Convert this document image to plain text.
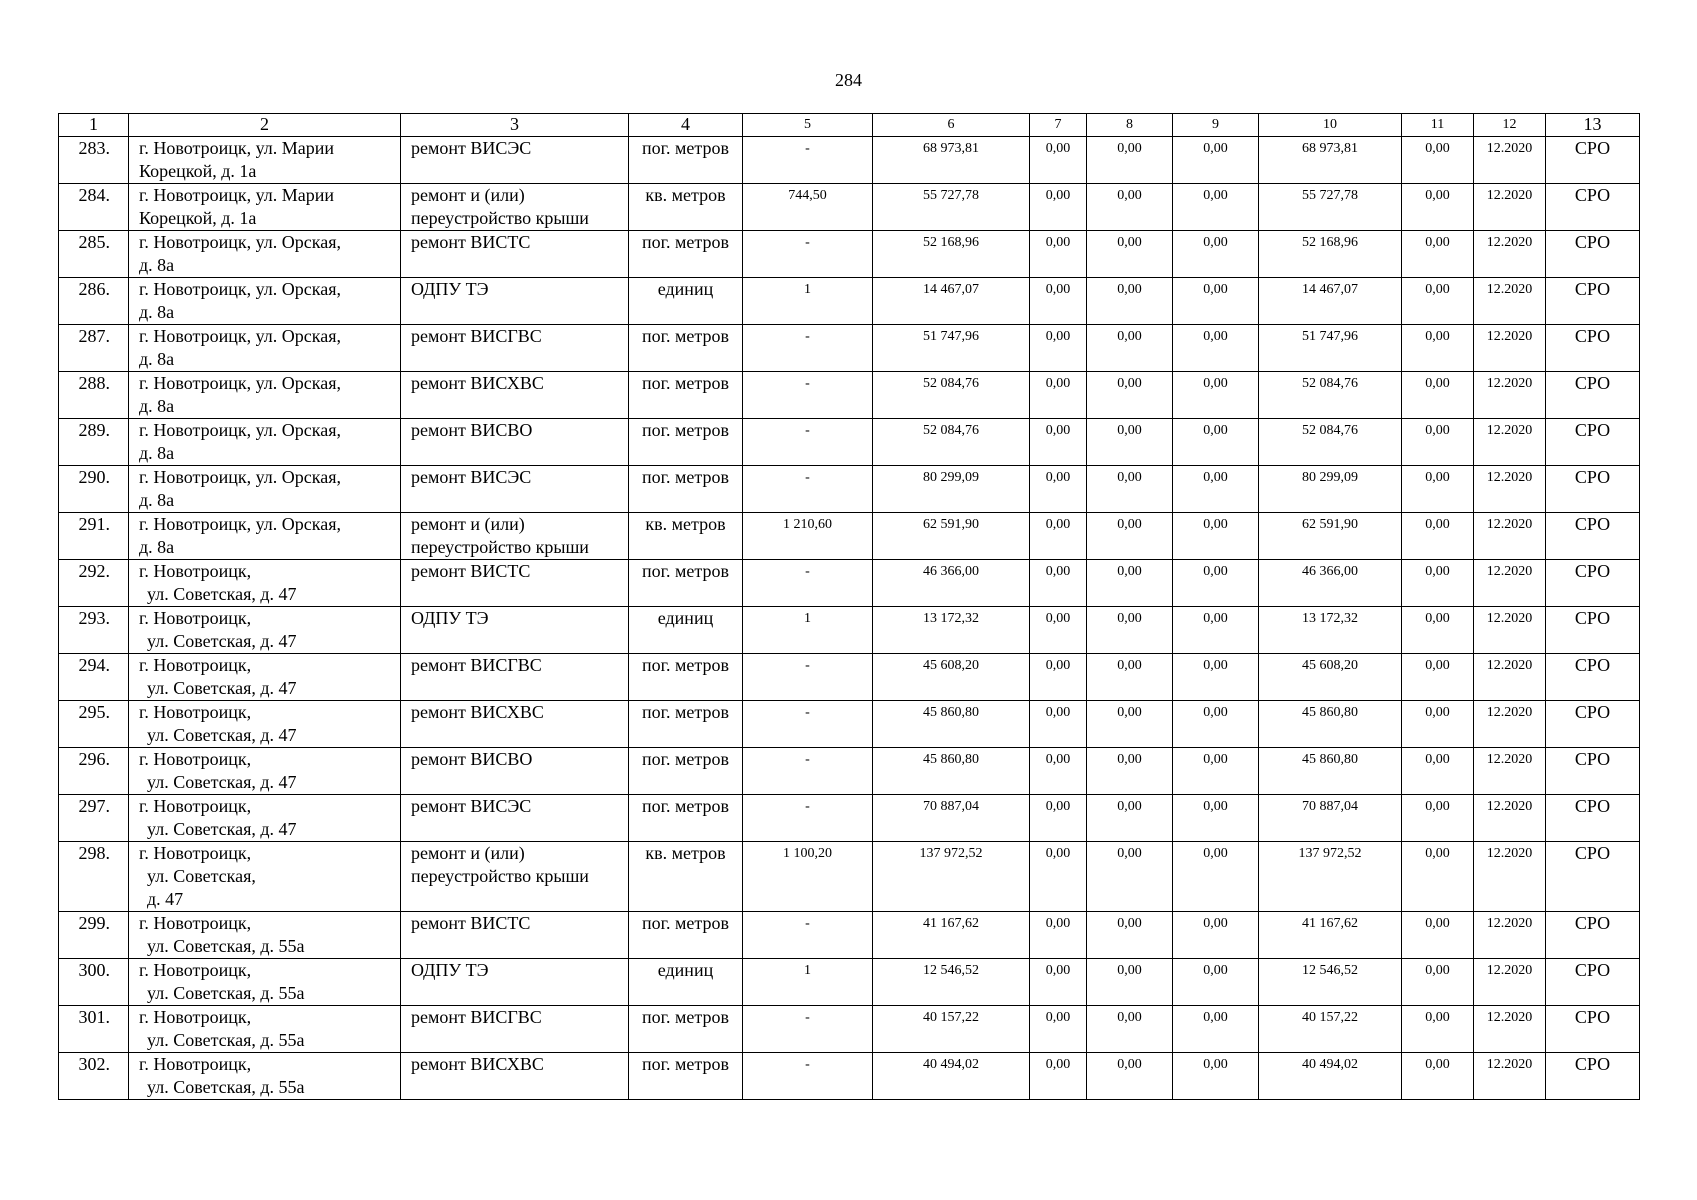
284
1	2	3	4	5	6	7	8	9	10	11	12	13
283.	г. Новотроицк, ул. Марии
Корецкой, д. 1а	ремонт ВИСЭС	пог. метров	-	68 973,81	0,00	0,00	0,00	68 973,81	0,00	12.2020	СРО
284.	г. Новотроицк, ул. Марии
Корецкой, д. 1а	ремонт и (или)
переустройство крыши	кв. метров	744,50	55 727,78	0,00	0,00	0,00	55 727,78	0,00	12.2020	СРО
285.	г. Новотроицк, ул. Орская,
д. 8а	ремонт ВИСТС	пог. метров	-	52 168,96	0,00	0,00	0,00	52 168,96	0,00	12.2020	СРО
286.	г. Новотроицк, ул. Орская,
д. 8а	ОДПУ ТЭ	единиц	1	14 467,07	0,00	0,00	0,00	14 467,07	0,00	12.2020	СРО
287.	г. Новотроицк, ул. Орская,
д. 8а	ремонт ВИСГВС	пог. метров	-	51 747,96	0,00	0,00	0,00	51 747,96	0,00	12.2020	СРО
288.	г. Новотроицк, ул. Орская,
д. 8а	ремонт ВИСХВС	пог. метров	-	52 084,76	0,00	0,00	0,00	52 084,76	0,00	12.2020	СРО
289.	г. Новотроицк, ул. Орская,
д. 8а	ремонт ВИСВО	пог. метров	-	52 084,76	0,00	0,00	0,00	52 084,76	0,00	12.2020	СРО
290.	г. Новотроицк, ул. Орская,
д. 8а	ремонт ВИСЭС	пог. метров	-	80 299,09	0,00	0,00	0,00	80 299,09	0,00	12.2020	СРО
291.	г. Новотроицк, ул. Орская,
д. 8а	ремонт и (или)
переустройство крыши	кв. метров	1 210,60	62 591,90	0,00	0,00	0,00	62 591,90	0,00	12.2020	СРО
292.	г. Новотроицк,
ул. Советская, д. 47	ремонт ВИСТС	пог. метров	-	46 366,00	0,00	0,00	0,00	46 366,00	0,00	12.2020	СРО
293.	г. Новотроицк,
ул. Советская, д. 47	ОДПУ ТЭ	единиц	1	13 172,32	0,00	0,00	0,00	13 172,32	0,00	12.2020	СРО
294.	г. Новотроицк,
ул. Советская, д. 47	ремонт ВИСГВС	пог. метров	-	45 608,20	0,00	0,00	0,00	45 608,20	0,00	12.2020	СРО
295.	г. Новотроицк,
ул. Советская, д. 47	ремонт ВИСХВС	пог. метров	-	45 860,80	0,00	0,00	0,00	45 860,80	0,00	12.2020	СРО
296.	г. Новотроицк,
ул. Советская, д. 47	ремонт ВИСВО	пог. метров	-	45 860,80	0,00	0,00	0,00	45 860,80	0,00	12.2020	СРО
297.	г. Новотроицк,
ул. Советская, д. 47	ремонт ВИСЭС	пог. метров	-	70 887,04	0,00	0,00	0,00	70 887,04	0,00	12.2020	СРО
298.	г. Новотроицк,
ул. Советская,
д. 47	ремонт и (или)
переустройство крыши	кв. метров	1 100,20	137 972,52	0,00	0,00	0,00	137 972,52	0,00	12.2020	СРО
299.	г. Новотроицк,
ул. Советская, д. 55а	ремонт ВИСТС	пог. метров	-	41 167,62	0,00	0,00	0,00	41 167,62	0,00	12.2020	СРО
300.	г. Новотроицк,
ул. Советская, д. 55а	ОДПУ ТЭ	единиц	1	12 546,52	0,00	0,00	0,00	12 546,52	0,00	12.2020	СРО
301.	г. Новотроицк,
ул. Советская, д. 55а	ремонт ВИСГВС	пог. метров	-	40 157,22	0,00	0,00	0,00	40 157,22	0,00	12.2020	СРО
302.	г. Новотроицк,
ул. Советская, д. 55а	ремонт ВИСХВС	пог. метров	-	40 494,02	0,00	0,00	0,00	40 494,02	0,00	12.2020	СРО
